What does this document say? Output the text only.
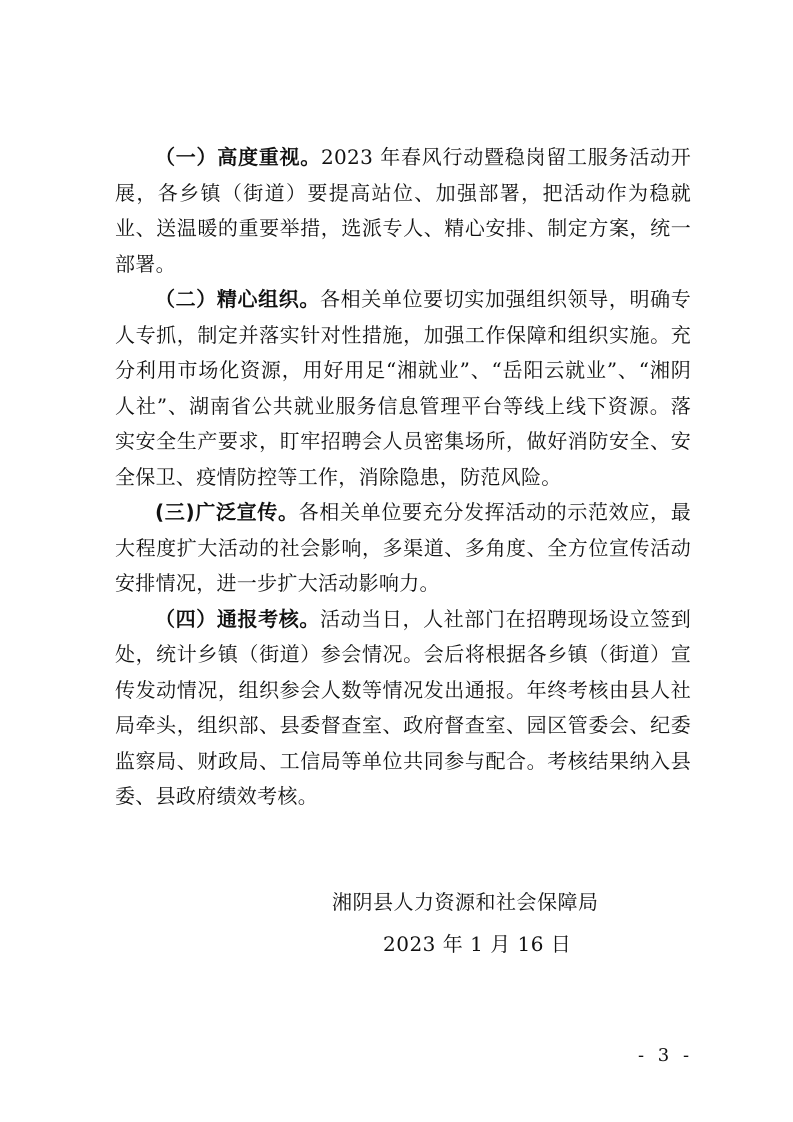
（一）高度重视。2023 年春风行动暨稳岗留工服务活动开展，各乡镇（街道）要提高站位、加强部署，把活动作为稳就业、送温暖的重要举措，选派专人、精心安排、制定方案，统一部署。

（二）精心组织。各相关单位要切实加强组织领导，明确专人专抓，制定并落实针对性措施，加强工作保障和组织实施。充分利用市场化资源，用好用足“湘就业”、“岳阳云就业”、“湘阴人社”、湖南省公共就业服务信息管理平台等线上线下资源。落实安全生产要求，盯牢招聘会人员密集场所，做好消防安全、安全保卫、疫情防控等工作，消除隐患，防范风险。

(三)广泛宣传。各相关单位要充分发挥活动的示范效应，最大程度扩大活动的社会影响，多渠道、多角度、全方位宣传活动安排情况，进一步扩大活动影响力。

（四）通报考核。活动当日，人社部门在招聘现场设立签到处，统计乡镇（街道）参会情况。会后将根据各乡镇（街道）宣传发动情况，组织参会人数等情况发出通报。年终考核由县人社局牵头，组织部、县委督查室、政府督查室、园区管委会、纪委监察局、财政局、工信局等单位共同参与配合。考核结果纳入县委、县政府绩效考核。

湘阴县人力资源和社会保障局
2023 年 1 月 16 日
- 3 -
